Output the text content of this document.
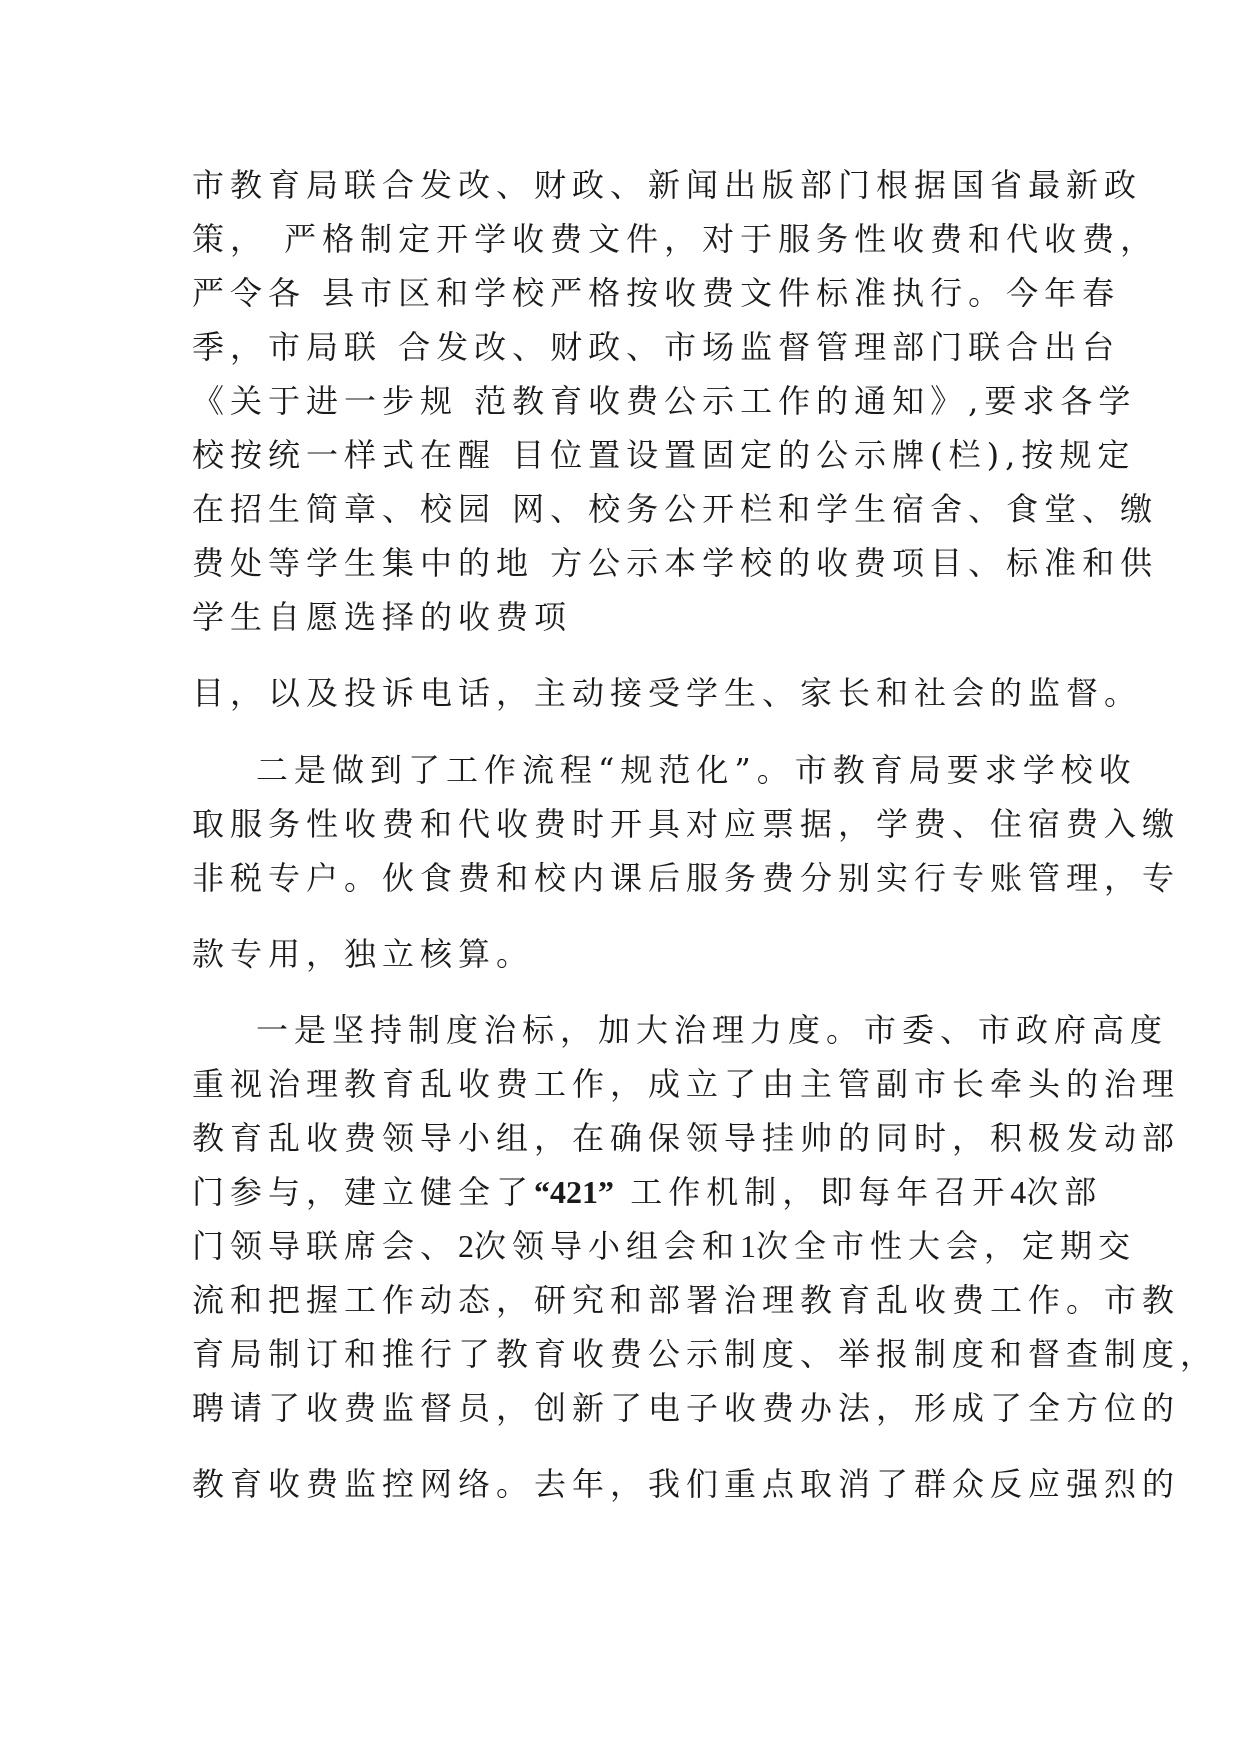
市教育局联合发改、财政、新闻出版部门根据国省最新政
策， 严格制定开学收费文件，对于服务性收费和代收费，
严令各 县市区和学校严格按收费文件标准执行。今年春
季，市局联 合发改、财政、市场监督管理部门联合出台
《关于进一步规 范教育收费公示工作的通知》,要求各学
校按统一样式在醒 目位置设置固定的公示牌(栏),按规定
在招生简章、校园 网、校务公开栏和学生宿舍、食堂、缴
费处等学生集中的地 方公示本学校的收费项目、标准和供
学生自愿选择的收费项
目，以及投诉电话，主动接受学生、家长和社会的监督。
二是做到了工作流程“规范化”。市教育局要求学校收
取服务性收费和代收费时开具对应票据，学费、住宿费入缴
非税专户。伙食费和校内课后服务费分别实行专账管理，专
款专用，独立核算。
一是坚持制度治标，加大治理力度。市委、市政府高度
重视治理教育乱收费工作，成立了由主管副市长牵头的治理
教育乱收费领导小组，在确保领导挂帅的同时，积极发动部
门参与，建立健全了“421” 工作机制，即每年召开4次部
门领导联席会、2次领导小组会和1次全市性大会，定期交
流和把握工作动态，研究和部署治理教育乱收费工作。市教
育局制订和推行了教育收费公示制度、举报制度和督查制度，
聘请了收费监督员，创新了电子收费办法，形成了全方位的
教育收费监控网络。去年，我们重点取消了群众反应强烈的
